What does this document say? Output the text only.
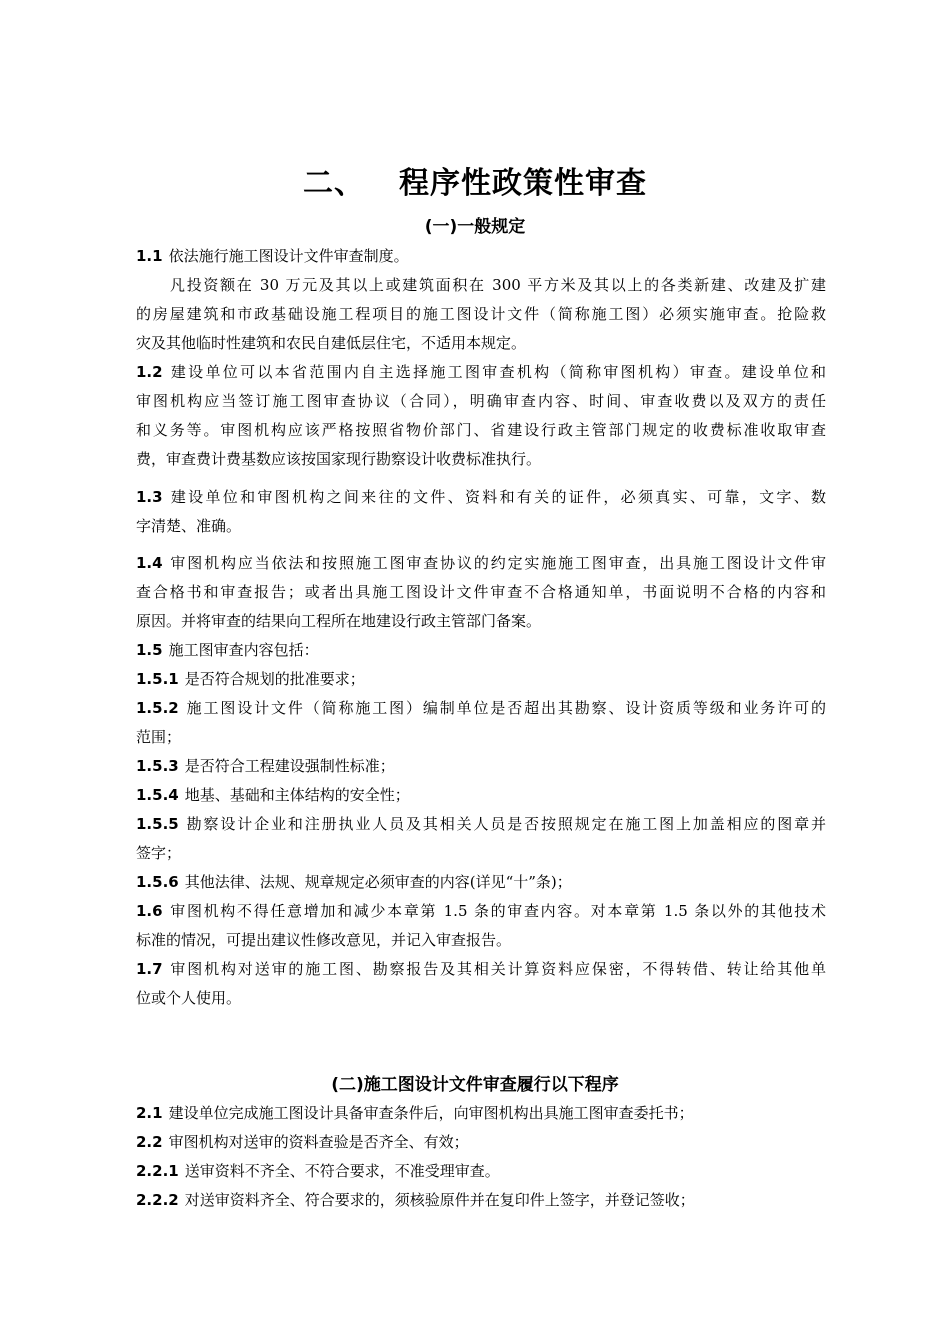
二、 程序性政策性审查
(一)一般规定
1.1 依法施行施工图设计文件审查制度。
凡投资额在 30 万元及其以上或建筑面积在 300 平方米及其以上的各类新建、改建及扩建
的房屋建筑和市政基础设施工程项目的施工图设计文件（简称施工图）必须实施审查。抢险救
灾及其他临时性建筑和农民自建低层住宅，不适用本规定。
1.2 建设单位可以本省范围内自主选择施工图审查机构（简称审图机构）审查。建设单位和
审图机构应当签订施工图审查协议（合同），明确审查内容、时间、审查收费以及双方的责任
和义务等。审图机构应该严格按照省物价部门、省建设行政主管部门规定的收费标准收取审查
费，审查费计费基数应该按国家现行勘察设计收费标准执行。
1.3 建设单位和审图机构之间来往的文件、资料和有关的证件，必须真实、可靠，文字、数
字清楚、准确。
1.4 审图机构应当依法和按照施工图审查协议的约定实施施工图审查，出具施工图设计文件审
查合格书和审查报告；或者出具施工图设计文件审查不合格通知单，书面说明不合格的内容和
原因。并将审查的结果向工程所在地建设行政主管部门备案。
1.5 施工图审查内容包括：
1.5.1 是否符合规划的批准要求；
1.5.2 施工图设计文件（简称施工图）编制单位是否超出其勘察、设计资质等级和业务许可的
范围；
1.5.3 是否符合工程建设强制性标准；
1.5.4 地基、基础和主体结构的安全性；
1.5.5 勘察设计企业和注册执业人员及其相关人员是否按照规定在施工图上加盖相应的图章并
签字；
1.5.6 其他法律、法规、规章规定必须审查的内容(详见“十”条)；
1.6 审图机构不得任意增加和减少本章第 1.5 条的审查内容。对本章第 1.5 条以外的其他技术
标准的情况，可提出建议性修改意见，并记入审查报告。
1.7 审图机构对送审的施工图、勘察报告及其相关计算资料应保密，不得转借、转让给其他单
位或个人使用。
(二)施工图设计文件审查履行以下程序
2.1 建设单位完成施工图设计具备审查条件后，向审图机构出具施工图审查委托书；
2.2 审图机构对送审的资料查验是否齐全、有效；
2.2.1 送审资料不齐全、不符合要求，不准受理审查。
2.2.2 对送审资料齐全、符合要求的，须核验原件并在复印件上签字，并登记签收；
